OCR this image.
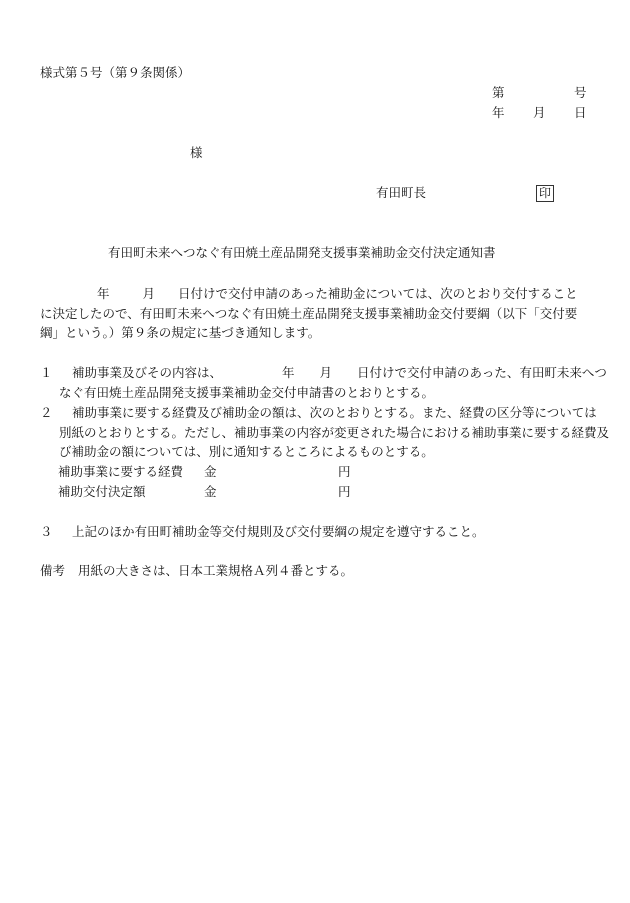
様式第５号（第９条関係）
第	号
年 月 日
様
有田町長	印
有田町未来へつなぐ有田焼土産品開発支援事業補助金交付決定通知書
年	月 日付けで交付申請のあった補助金については、次のとおり交付することに決定したので、有田町未来へつなぐ有田焼土産品開発支援事業補助金交付要綱（以下「交付要綱」という。）第９条の規定に基づき通知します。
１ 補助事業及びその内容は、	年 月 日付けで交付申請のあった、有田町未来へつなぐ有田焼土産品開発支援事業補助金交付申請書のとおりとする。
２ 補助事業に要する経費及び補助金の額は、次のとおりとする。また、経費の区分等については別紙のとおりとする。ただし、補助事業の内容が変更された場合における補助事業に要する経費及び補助金の額については、別に通知するところによるものとする。
補助事業に要する経費 金	円
補助交付決定額	金	円
３ 上記のほか有田町補助金等交付規則及び交付要綱の規定を遵守すること。
備考 用紙の大きさは、日本工業規格Ａ列４番とする。
